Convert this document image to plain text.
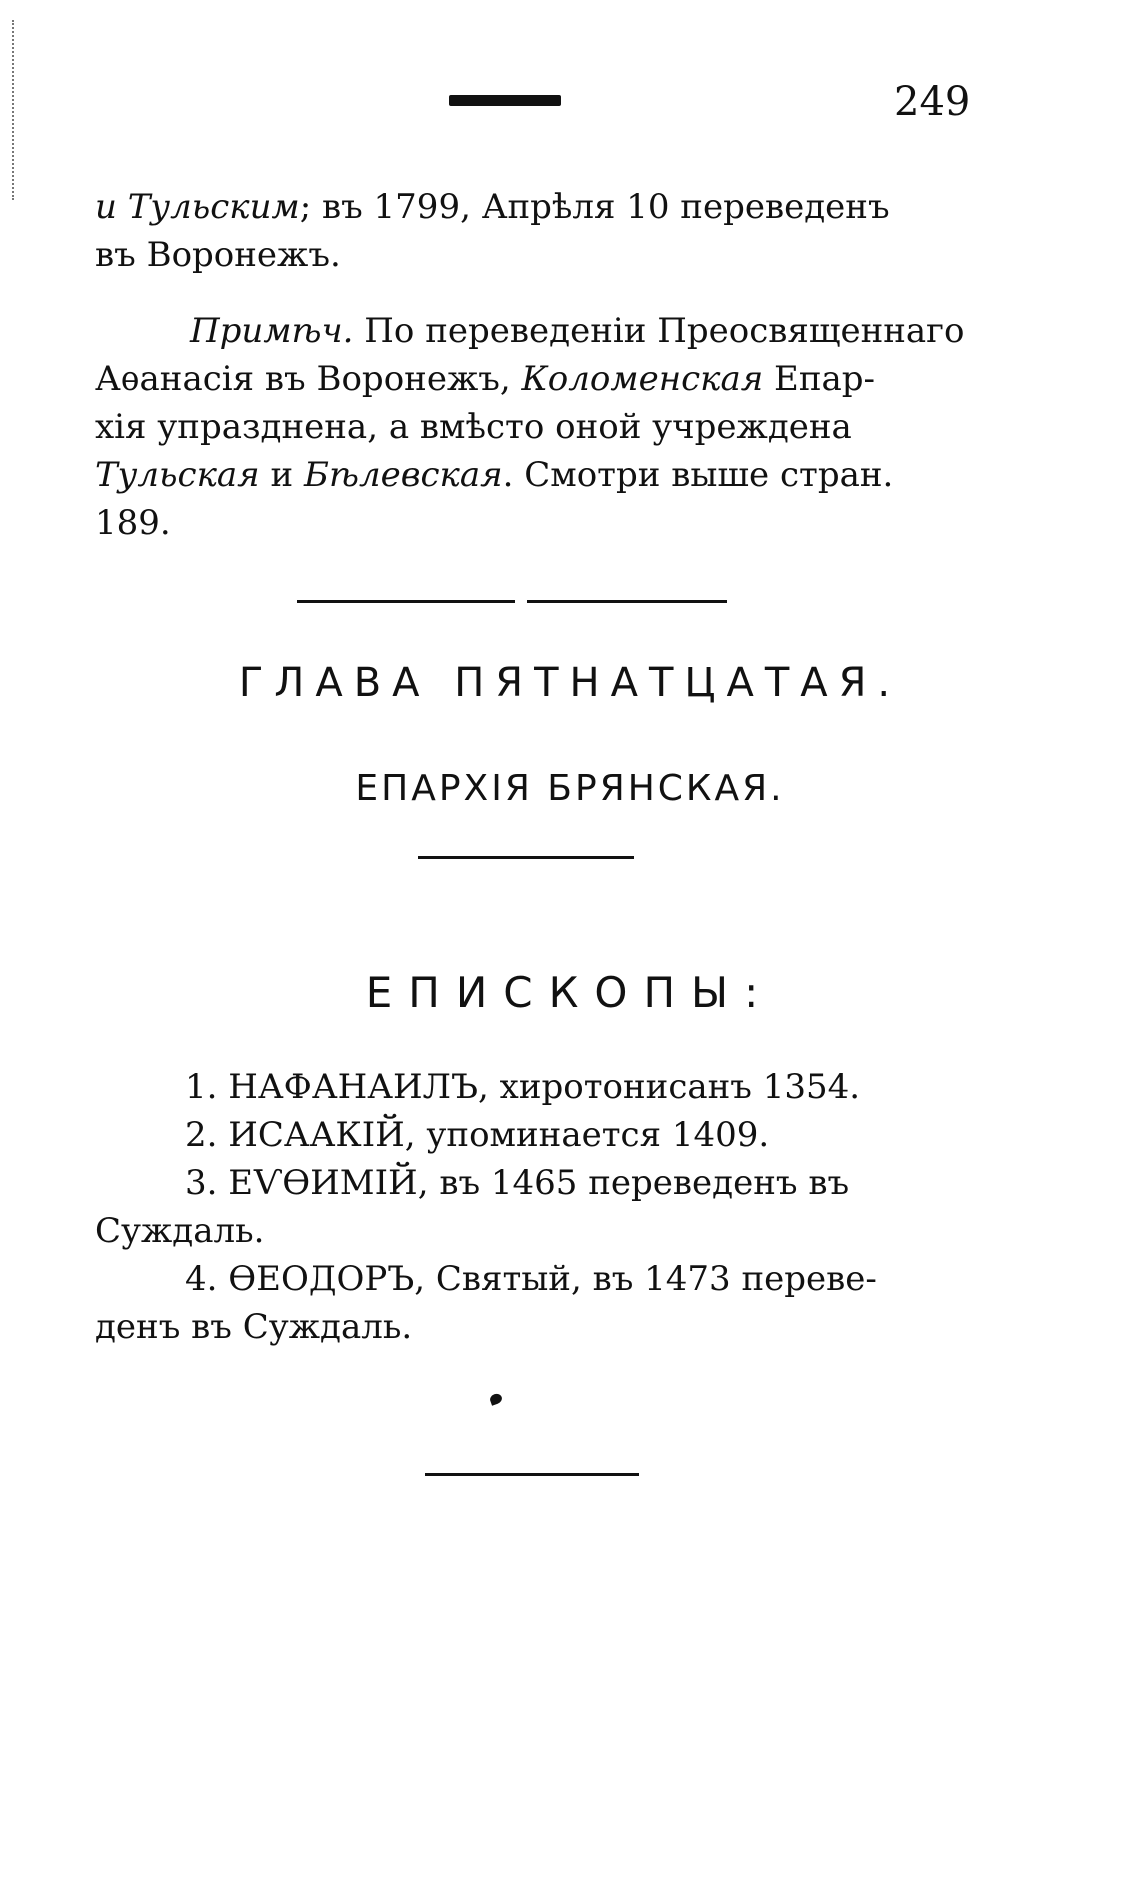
249

и Тульским; въ 1799, Апрѣля 10 переведенъ
въ Воронежъ.

Примѣч. По переведеніи Преосвященнаго
Аѳанасія въ Воронежъ, Коломенская Епар-
хія упразднена, а вмѣсто оной учреждена
Тульская и Бѣлевская. Смотри выше стран.
189.

ГЛАВА ПЯТНАТЦАТАЯ.
ЕПАРХІЯ БРЯНСКАЯ.
ЕПИСКОПЫ:
1. НАФАНАИЛЪ, хиротонисанъ 1354.
2. ИСААКІЙ, упоминается 1409.
3. ЕѴѲИМІЙ, въ 1465 переведенъ въ
Суждаль.
4. ѲЕОДОРЪ, Святый, въ 1473 переве-
денъ въ Суждаль.
